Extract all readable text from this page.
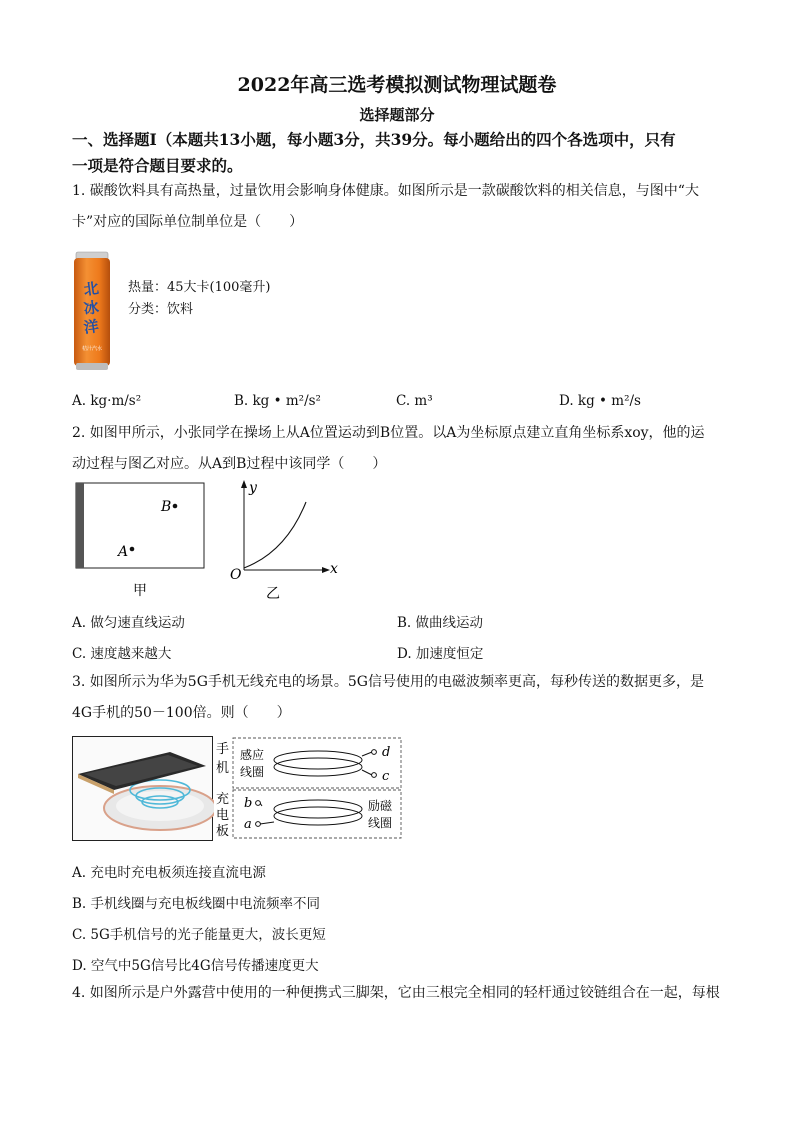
2022年高三选考模拟测试物理试题卷
选择题部分
一、选择题Ⅰ（本题共13小题，每小题3分，共39分。每小题给出的四个各选项中，只有
一项是符合题目要求的。
1. 碳酸饮料具有高热量，过量饮用会影响身体健康。如图所示是一款碳酸饮料的相关信息，与图中“大
卡”对应的国际单位制单位是（　　）
北
冰
洋
桔汁汽水
热量：45大卡(100毫升)
分类：饮料
A. kg·m/s²	B. kg • m²/s²	C. m³	D. kg • m²/s
2. 如图甲所示，小张同学在操场上从A位置运动到B位置。以A为坐标原点建立直角坐标系xoy，他的运
动过程与图乙对应。从A到B过程中该同学（　　）
B
A
甲
y
x
O
乙
A. 做匀速直线运动	B. 做曲线运动
C. 速度越来越大	D. 加速度恒定
3. 如图所示为华为5G手机无线充电的场景。5G信号使用的电磁波频率更高，每秒传送的数据更多，是
4G手机的50－100倍。则（　　）
手
机
充
电
板
感应
线圈
d
c
b
a
励磁
线圈
A. 充电时充电板须连接直流电源
B. 手机线圈与充电板线圈中电流频率不同
C. 5G手机信号的光子能量更大，波长更短
D. 空气中5G信号比4G信号传播速度更大
4. 如图所示是户外露营中使用的一种便携式三脚架，它由三根完全相同的轻杆通过铰链组合在一起，每根
